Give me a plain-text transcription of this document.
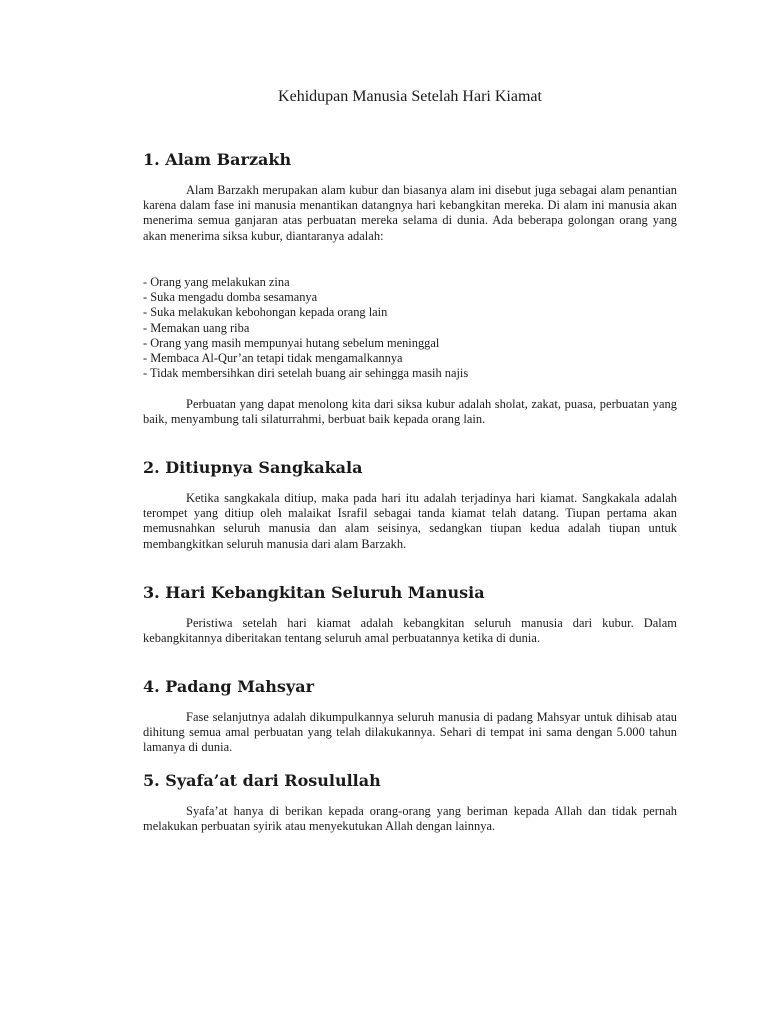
Kehidupan Manusia Setelah Hari Kiamat
1. Alam Barzakh

Alam Barzakh merupakan alam kubur dan biasanya alam ini disebut juga sebagai alam penantian karena dalam fase ini manusia menantikan datangnya hari kebangkitan mereka. Di alam ini manusia akan menerima semua ganjaran atas perbuatan mereka selama di dunia. Ada beberapa golongan orang yang akan menerima siksa kubur, diantaranya adalah:

- Orang yang melakukan zina
- Suka mengadu domba sesamanya
- Suka melakukan kebohongan kepada orang lain
- Memakan uang riba
- Orang yang masih mempunyai hutang sebelum meninggal
- Membaca Al-Qur’an tetapi tidak mengamalkannya
- Tidak membersihkan diri setelah buang air sehingga masih najis

Perbuatan yang dapat menolong kita dari siksa kubur adalah sholat, zakat, puasa, perbuatan yang baik, menyambung tali silaturrahmi, berbuat baik kepada orang lain.

2. Ditiupnya Sangkakala

Ketika sangkakala ditiup, maka pada hari itu adalah terjadinya hari kiamat. Sangkakala adalah terompet yang ditiup oleh malaikat Israfil sebagai tanda kiamat telah datang. Tiupan pertama akan memusnahkan seluruh manusia dan alam seisinya, sedangkan tiupan kedua adalah tiupan untuk membangkitkan seluruh manusia dari alam Barzakh.

3. Hari Kebangkitan Seluruh Manusia

Peristiwa setelah hari kiamat adalah kebangkitan seluruh manusia dari kubur. Dalam kebangkitannya diberitakan tentang seluruh amal perbuatannya ketika di dunia.

4. Padang Mahsyar

Fase selanjutnya adalah dikumpulkannya seluruh manusia di padang Mahsyar untuk dihisab atau dihitung semua amal perbuatan yang telah dilakukannya. Sehari di tempat ini sama dengan 5.000 tahun lamanya di dunia.

5. Syafa’at dari Rosulullah

Syafa’at hanya di berikan kepada orang-orang yang beriman kepada Allah dan tidak pernah melakukan perbuatan syirik atau menyekutukan Allah dengan lainnya.
